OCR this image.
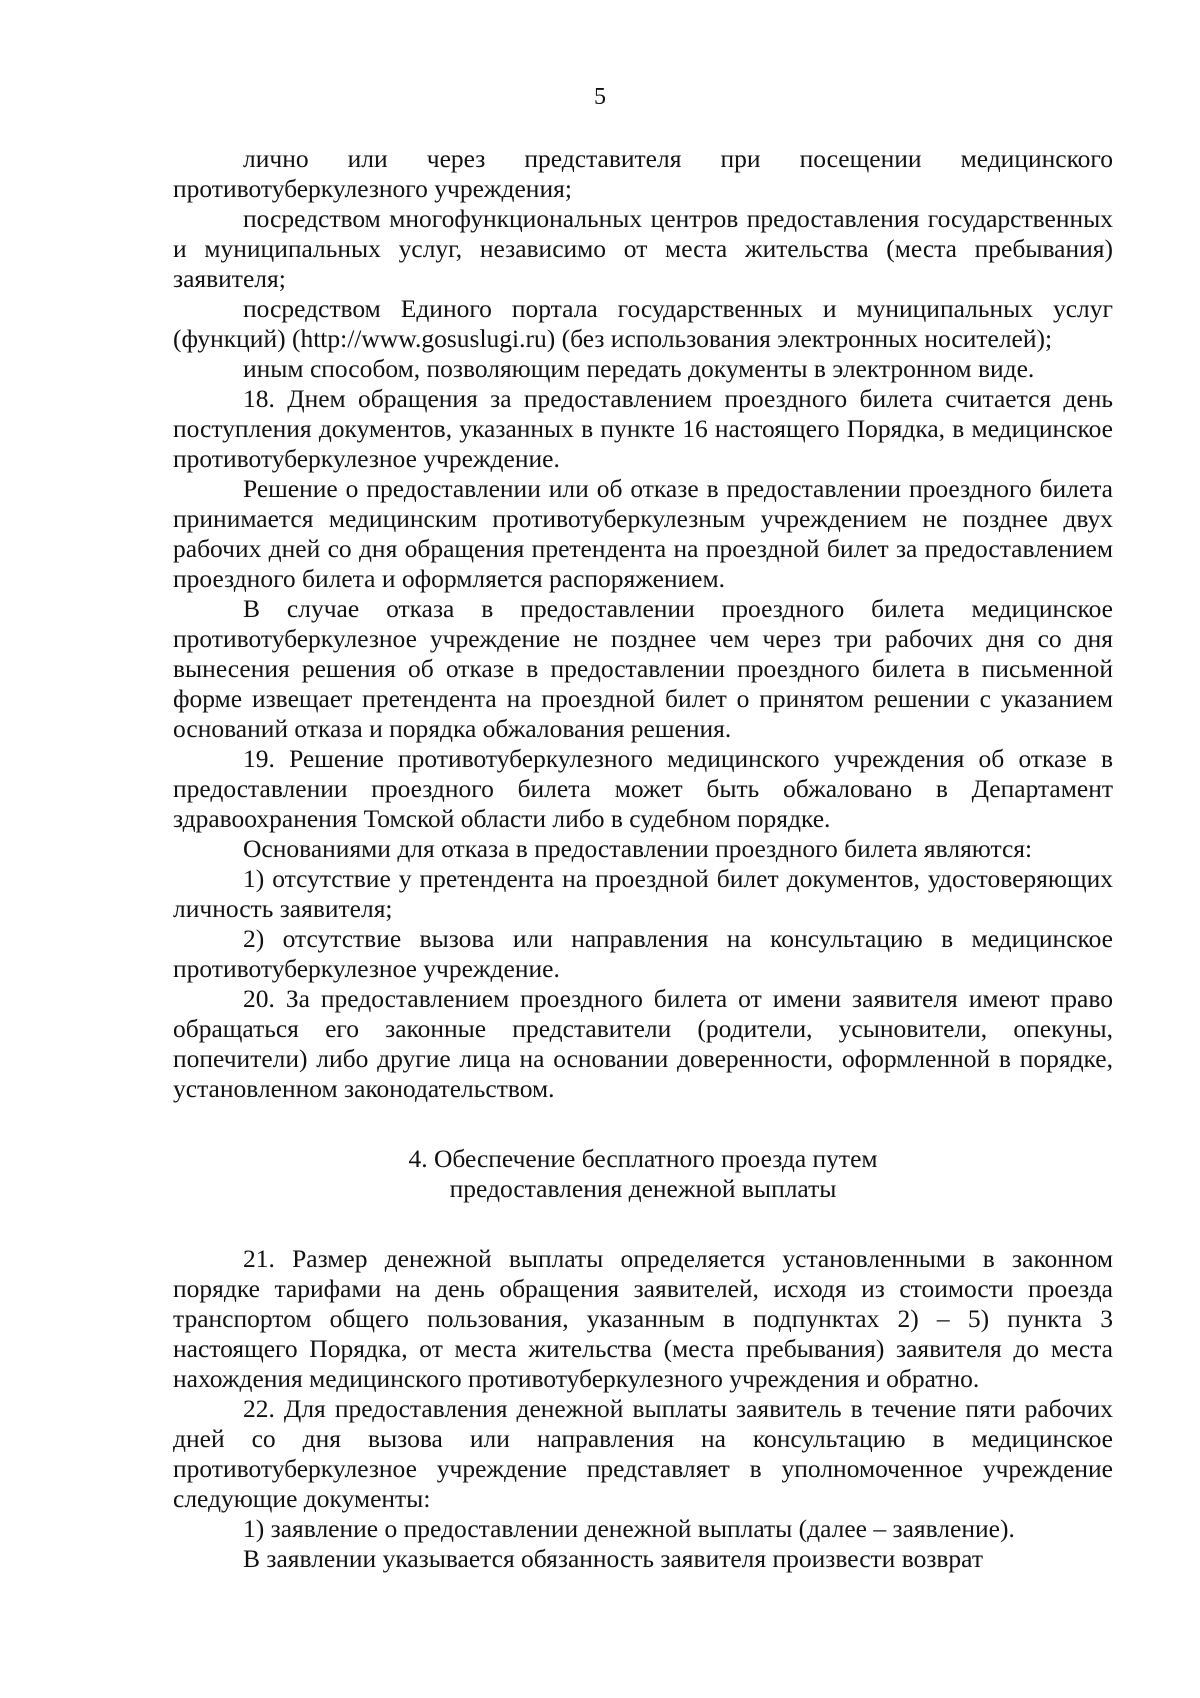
5

лично или через представителя при посещении медицинского противотуберкулезного учреждения;

посредством многофункциональных центров предоставления государственных и муниципальных услуг, независимо от места жительства (места пребывания) заявителя;

посредством Единого портала государственных и муниципальных услуг (функций) (http://www.gosuslugi.ru) (без использования электронных носителей);

иным способом, позволяющим передать документы в электронном виде.

18. Днем обращения за предоставлением проездного билета считается день поступления документов, указанных в пункте 16 настоящего Порядка, в медицинское противотуберкулезное учреждение.

Решение о предоставлении или об отказе в предоставлении проездного билета принимается медицинским противотуберкулезным учреждением не позднее двух рабочих дней со дня обращения претендента на проездной билет за предоставлением проездного билета и оформляется распоряжением.

В случае отказа в предоставлении проездного билета медицинское противотуберкулезное учреждение не позднее чем через три рабочих дня со дня вынесения решения об отказе в предоставлении проездного билета в письменной форме извещает претендента на проездной билет о принятом решении с указанием оснований отказа и порядка обжалования решения.

19. Решение противотуберкулезного медицинского учреждения об отказе в предоставлении проездного билета может быть обжаловано в Департамент здравоохранения Томской области либо в судебном порядке.

Основаниями для отказа в предоставлении проездного билета являются:

1) отсутствие у претендента на проездной билет документов, удостоверяющих личность заявителя;

2) отсутствие вызова или направления на консультацию в медицинское противотуберкулезное учреждение.

20. За предоставлением проездного билета от имени заявителя имеют право обращаться его законные представители (родители, усыновители, опекуны, попечители) либо другие лица на основании доверенности, оформленной в порядке, установленном законодательством.

4. Обеспечение бесплатного проезда путем
предоставления денежной выплаты

21. Размер денежной выплаты определяется установленными в законном порядке тарифами на день обращения заявителей, исходя из стоимости проезда транспортом общего пользования, указанным в подпунктах 2) – 5) пункта 3 настоящего Порядка, от места жительства (места пребывания) заявителя до места нахождения медицинского противотуберкулезного учреждения и обратно.

22. Для предоставления денежной выплаты заявитель в течение пяти рабочих дней со дня вызова или направления на консультацию в медицинское противотуберкулезное учреждение представляет в уполномоченное учреждение следующие документы:

1) заявление о предоставлении денежной выплаты (далее – заявление).

В заявлении указывается обязанность заявителя произвести возврат
